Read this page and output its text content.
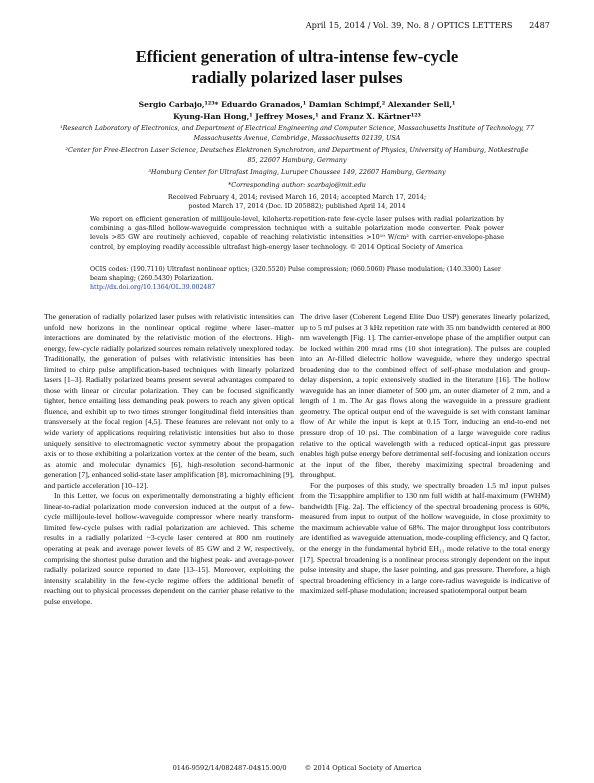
April 15, 2014 / Vol. 39, No. 8 / OPTICS LETTERS 2487
Efficient generation of ultra-intense few-cycle
radially polarized laser pulses
Sergio Carbajo,¹²³* Eduardo Granados,¹ Damian Schimpf,² Alexander Sell,¹
Kyung-Han Hong,¹ Jeffrey Moses,¹ and Franz X. Kärtner¹²³
¹Research Laboratory of Electronics, and Department of Electrical Engineering and Computer Science, Massachusetts Institute of Technology, 77 Massachusetts Avenue, Cambridge, Massachusetts 02139, USA
²Center for Free-Electron Laser Science, Deutsches Elektronen Synchrotron, and Department of Physics, University of Hamburg, Notkestraße 85, 22607 Hamburg, Germany
³Hamburg Center for Ultrafast Imaging, Luruper Chaussee 149, 22607 Hamburg, Germany
*Corresponding author: scarbajo@mit.edu
Received February 4, 2014; revised March 16, 2014; accepted March 17, 2014;
posted March 17, 2014 (Doc. ID 205882); published April 14, 2014
We report on efficient generation of millijoule-level, kilohertz-repetition-rate few-cycle laser pulses with radial polarization by combining a gas-filled hollow-waveguide compression technique with a suitable polarization mode converter. Peak power levels >85 GW are routinely achieved, capable of reaching relativistic intensities >10¹⁹ W/cm² with carrier-envelope-phase control, by employing readily accessible ultrafast high-energy laser technology. © 2014 Optical Society of America
OCIS codes: (190.7110) Ultrafast nonlinear optics; (320.5520) Pulse compression; (060.5060) Phase modulation; (140.3300) Laser beam shaping; (260.5430) Polarization.
http://dx.doi.org/10.1364/OL.39.002487

The generation of radially polarized laser pulses with relativistic intensities can unfold new horizons in the nonlinear optical regime where laser–matter interactions are dominated by the relativistic motion of the electrons. High-energy, few-cycle radially polarized sources remain relatively unexplored today. Traditionally, the generation of pulses with relativistic intensities has been limited to chirp pulse amplification-based techniques with linearly polarized lasers [1–3]. Radially polarized beams present several advantages compared to those with linear or circular polarization. They can be focused significantly tighter, hence entailing less demanding peak powers to reach any given optical fluence, and exhibit up to two times stronger longitudinal field intensities than transversely at the focal region [4,5]. These features are relevant not only to a wide variety of applications requiring relativistic intensities but also to those uniquely sensitive to electromagnetic vector symmetry about the propagation axis or to those exhibiting a polarization vortex at the center of the beam, such as atomic and molecular dynamics [6], high-resolution second-harmonic generation [7], enhanced solid-state laser amplification [8], micromachining [9], and particle acceleration [10–12].

In this Letter, we focus on experimentally demonstrating a highly efficient linear-to-radial polarization mode conversion induced at the output of a few-cycle millijoule-level hollow-waveguide compressor where nearly transform-limited few-cycle pulses with radial polarization are achieved. This scheme results in a radially polarized ~3-cycle laser centered at 800 nm routinely operating at peak and average power levels of 85 GW and 2 W, respectively, comprising the shortest pulse duration and the highest peak- and average-power radially polarized source reported to date [13–15]. Moreover, exploiting the intensity scalability in the few-cycle regime offers the additional benefit of reaching out to physical processes dependent on the carrier phase relative to the pulse envelope.

The drive laser (Coherent Legend Elite Duo USP) generates linearly polarized, up to 5 mJ pulses at 3 kHz repetition rate with 35 nm bandwidth centered at 800 nm wavelength [Fig. 1]. The carrier-envelope phase of the amplifier output can be locked within 200 mrad rms (10 shot integration). The pulses are coupled into an Ar-filled dielectric hollow waveguide, where they undergo spectral broadening due to the combined effect of self-phase modulation and group-delay dispersion, a topic extensively studied in the literature [16]. The hollow waveguide has an inner diameter of 500 μm, an outer diameter of 2 mm, and a length of 1 m. The Ar gas flows along the waveguide in a pressure gradient geometry. The optical output end of the waveguide is set with constant laminar flow of Ar while the input is kept at 0.15 Torr, inducing an end-to-end net pressure drop of 10 psi. The combination of a large waveguide core radius relative to the optical wavelength with a reduced optical-input gas pressure enables high pulse energy before detrimental self-focusing and ionization occurs at the input of the fiber, thereby maximizing spectral broadening and throughput.

For the purposes of this study, we spectrally broaden 1.5 mJ input pulses from the Ti:sapphire amplifier to 130 nm full width at half-maximum (FWHM) bandwidth [Fig. 2a]. The efficiency of the spectral broadening process is 60%, measured from input to output of the hollow waveguide, in close proximity to the maximum achievable value of 68%. The major throughput loss contributors are identified as waveguide attenuation, mode-coupling efficiency, and Q factor, or the energy in the fundamental hybrid EH₁₁ mode relative to the total energy [17]. Spectral broadening is a nonlinear process strongly dependent on the input pulse intensity and shape, the laser pointing, and gas pressure. Therefore, a high spectral broadening efficiency in a large core-radius waveguide is indicative of maximized self-phase modulation; increased spatiotemporal output beam

0146-9592/14/082487-04$15.00/0	© 2014 Optical Society of America
